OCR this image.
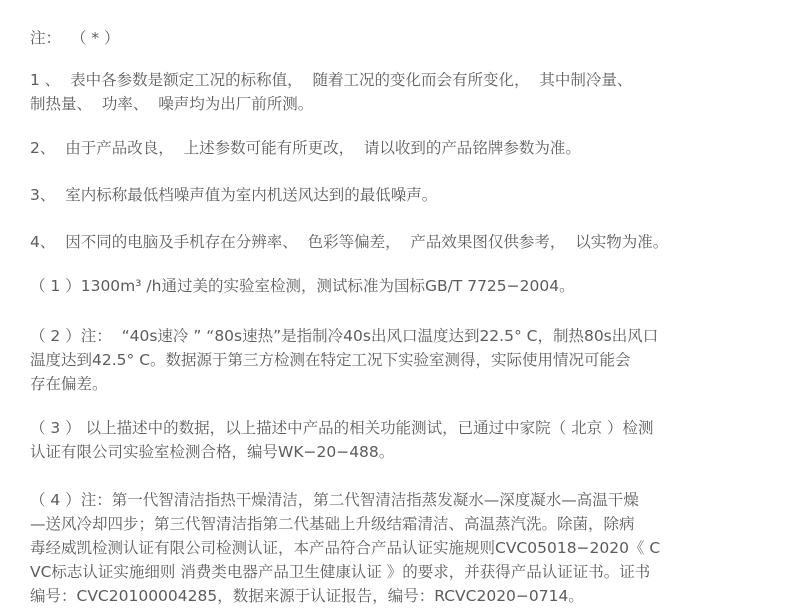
注：  （ * ）

1 、  表中各参数是额定工况的标称值，  随着工况的变化而会有所变化，  其中制冷量、
制热量、  功率、  噪声均为出厂前所测。

2、  由于产品改良，  上述参数可能有所更改，  请以收到的产品铭牌参数为准。

3、  室内标称最低档噪声值为室内机送风达到的最低噪声。

4、  因不同的电脑及手机存在分辨率、  色彩等偏差，  产品效果图仅供参考，  以实物为准。

（ 1 ）1300m³ /h通过美的实验室检测，测试标准为国标GB/T 7725−2004。

（ 2 ）注：  “40s速冷 ” “80s速热”是指制冷40s出风口温度达到22.5° C，制热80s出风口
温度达到42.5° C。数据源于第三方检测在特定工况下实验室测得，实际使用情况可能会
存在偏差。

（ 3 ） 以上描述中的数据，以上描述中产品的相关功能测试，已通过中家院（ 北京 ）检测
认证有限公司实验室检测合格，编号WK−20−488。

（ 4 ）注：第一代智清洁指热干燥清洁，第二代智清洁指蒸发凝水—深度凝水—高温干燥
—送风冷却四步；第三代智清洁指第二代基础上升级结霜清洁、高温蒸汽洗。除菌，除病
毒经威凯检测认证有限公司检测认证，本产品符合产品认证实施规则CVC05018−2020《 C
VC标志认证实施细则 消费类电器产品卫生健康认证 》的要求，并获得产品认证证书。证书
编号：CVC20100004285，数据来源于认证报告，编号：RCVC2020−0714。
